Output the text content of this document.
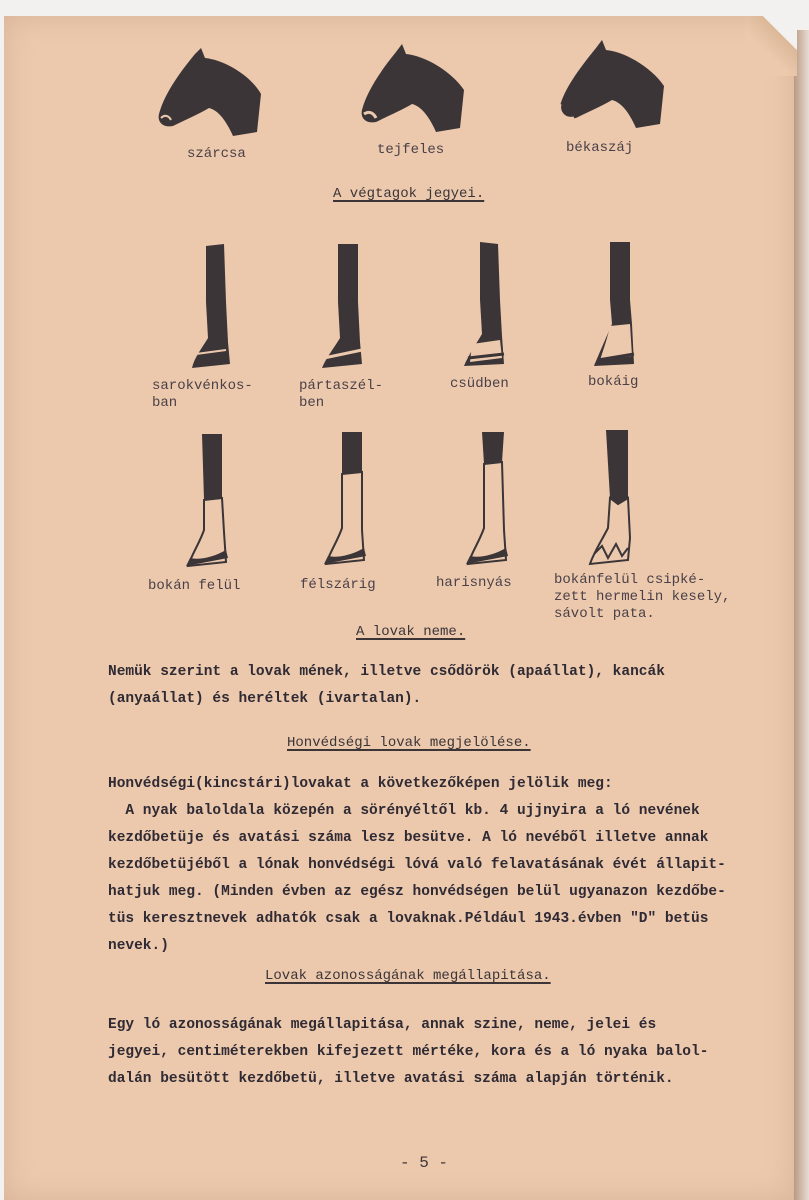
szárcsa	tejfeles	békaszáj
A végtagok jegyei.
sarokvénkos-
ban
pártaszél-
ben
csüdben	bokáig
bokán felül	félszárig	harisnyás	bokánfelül csipké-
zett hermelin kesely,
sávolt pata.
A lovak neme.
Nemük szerint a lovak mének, illetve csődörök (apaállat), kancák
(anyaállat) és heréltek (ivartalan).
Honvédségi lovak megjelölése.
Honvédségi(kincstári)lovakat a következőképen jelölik meg:
A nyak baloldala közepén a sörényéltől kb. 4 ujjnyira a ló nevének
kezdőbetüje és avatási száma lesz besütve. A ló nevéből illetve annak
kezdőbetüjéből a lónak honvédségi lóvá való felavatásának évét állapit-
hatjuk meg. (Minden évben az egész honvédségen belül ugyanazon kezdőbe-
tüs keresztnevek adhatók csak a lovaknak.Például 1943.évben "D" betüs
nevek.)
Lovak azonosságának megállapitása.
Egy ló azonosságának megállapitása, annak szine, neme, jelei és
jegyei, centiméterekben kifejezett mértéke, kora és a ló nyaka balol-
dalán besütött kezdőbetü, illetve avatási száma alapján történik.
- 5 -
